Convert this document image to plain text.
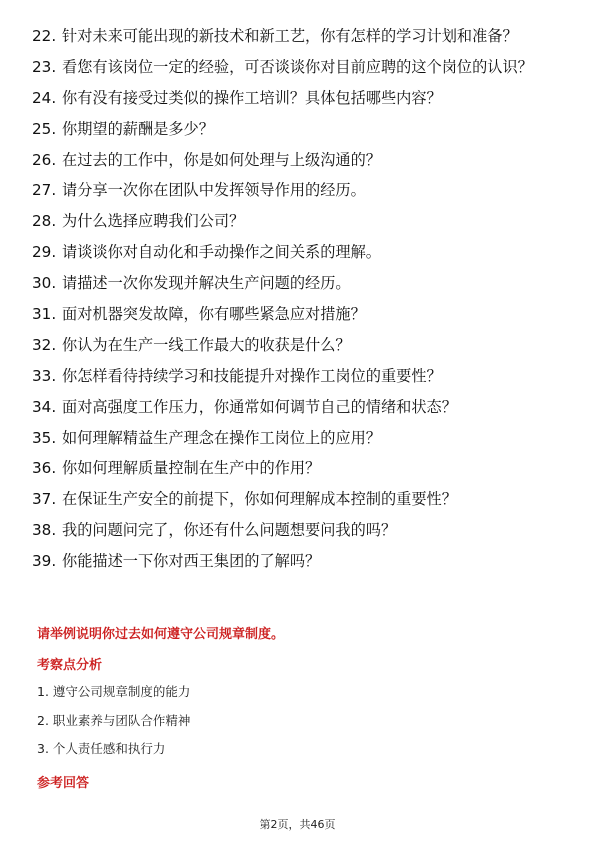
22. 针对未来可能出现的新技术和新工艺，你有怎样的学习计划和准备？
23. 看您有该岗位一定的经验，可否谈谈你对目前应聘的这个岗位的认识？
24. 你有没有接受过类似的操作工培训？具体包括哪些内容？
25. 你期望的薪酬是多少？
26. 在过去的工作中，你是如何处理与上级沟通的？
27. 请分享一次你在团队中发挥领导作用的经历。
28. 为什么选择应聘我们公司？
29. 请谈谈你对自动化和手动操作之间关系的理解。
30. 请描述一次你发现并解决生产问题的经历。
31. 面对机器突发故障，你有哪些紧急应对措施？
32. 你认为在生产一线工作最大的收获是什么？
33. 你怎样看待持续学习和技能提升对操作工岗位的重要性？
34. 面对高强度工作压力，你通常如何调节自己的情绪和状态？
35. 如何理解精益生产理念在操作工岗位上的应用？
36. 你如何理解质量控制在生产中的作用？
37. 在保证生产安全的前提下，你如何理解成本控制的重要性？
38. 我的问题问完了，你还有什么问题想要问我的吗？
39. 你能描述一下你对西王集团的了解吗？
请举例说明你过去如何遵守公司规章制度。
考察点分析
1. 遵守公司规章制度的能力
2. 职业素养与团队合作精神
3. 个人责任感和执行力
参考回答
第2页，共46页
